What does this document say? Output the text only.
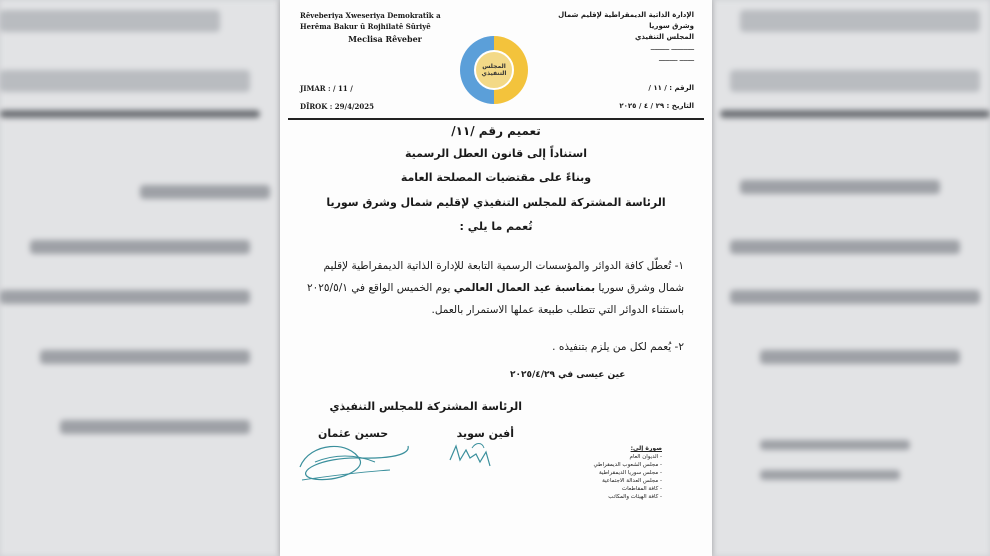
Rêveberiya Xweseriya Demokratîk a Herêma Bakur û Rojhilatê Sûriyê
Meclisa Rêveber
JIMAR : / 11 /
DÎROK : 29/4/2025
الإدارة الذاتية الديمقراطية لإقليم شمال وشرق سوريا
المجلس التنفيذي
ـــــــــــ ـــــــــ
ـــــــ ـــــــــ
الرقم : / ١١ /
التاريخ : ٢٩ / ٤ / ٢٠٢٥
المجلس
التنفيذي
تعميم رقم /١١/
استناداً إلى قانون العطل الرسمية
وبناءً على مقتضيات المصلحة العامة
الرئاسة المشتركة للمجلس التنفيذي لإقليم شمال وشرق سوريا
تُعمم ما يلي :
١- تُعطّل كافة الدوائر والمؤسسات الرسمية التابعة للإدارة الذاتية الديمقراطية لإقليم شمال وشرق سوريا بمناسبة عيد العمال العالمي يوم الخميس الواقع في ٢٠٢٥/٥/١ باستثناء الدوائر التي تتطلب طبيعة عملها الاستمرار بالعمل.
٢- يُعمم لكل من يلزم بتنفيذه .
عين عيسى في ٢٠٢٥/٤/٢٩
الرئاسة المشتركة للمجلس التنفيذي
أفين سويد
حسين عثمان
صورة إلى:
- الديوان العام
- مجلس الشعوب الديمقراطي
- مجلس سوريا الديمقراطية
- مجلس العدالة الاجتماعية
- كافة المقاطعات
- كافة الهيئات والمكاتب
